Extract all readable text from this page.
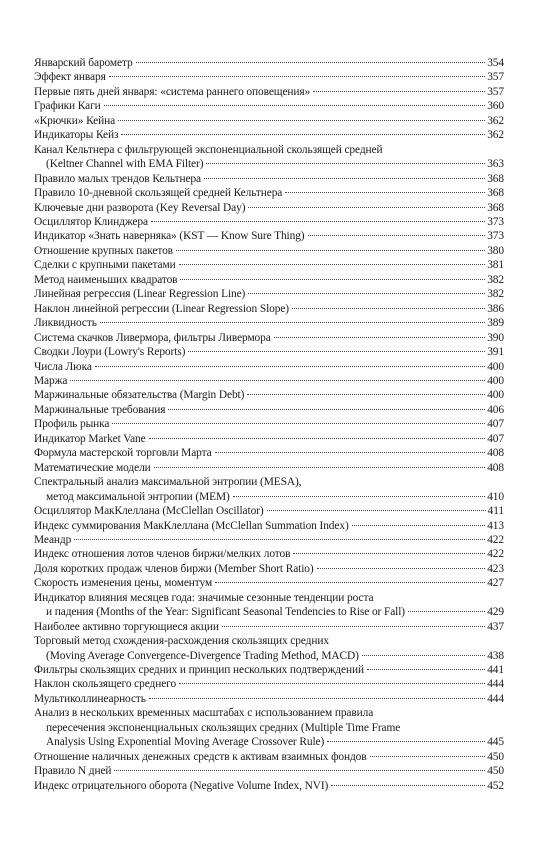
Январский барометр	354
Эффект января	357
Первые пять дней января: «система раннего оповещения»	357
Графики Каги	360
«Крючки» Кейна	362
Индикаторы Кейз	362
Канал Кельтнера с фильтрующей экспоненциальной скользящей средней
(Keltner Channel with EMA Filter)	363
Правило малых трендов Кельтнера	368
Правило 10-дневной скользящей средней Кельтнера	368
Ключевые дни разворота (Key Reversal Day)	368
Осциллятор Клинджера	373
Индикатор «Знать наверняка» (KST — Know Sure Thing)	373
Отношение крупных пакетов	380
Сделки с крупными пакетами	381
Метод наименьших квадратов	382
Линейная регрессия (Linear Regression Line)	382
Наклон линейной регрессии (Linear Regression Slope)	386
Ликвидность	389
Система скачков Ливермора, фильтры Ливермора	390
Сводки Лоури (Lowry's Reports)	391
Числа Люка	400
Маржа	400
Маржинальные обязательства (Margin Debt)	400
Маржинальные требования	406
Профиль рынка	407
Индикатор Market Vane	407
Формула мастерской торговли Марта	408
Математические модели	408
Спектральный анализ максимальной энтропии (MESA),
метод максимальной энтропии (MEM)	410
Осциллятор МакКлеллана (McClellan Oscillator)	411
Индекс суммирования МакКлеллана (McClellan Summation Index)	413
Меандр	422
Индекс отношения лотов членов биржи/мелких лотов	422
Доля коротких продаж членов биржи (Member Short Ratio)	423
Скорость изменения цены, моментум	427
Индикатор влияния месяцев года: значимые сезонные тенденции роста
и падения (Months of the Year: Significant Seasonal Tendencies to Rise or Fall)	429
Наиболее активно торгующиеся акции	437
Торговый метод схождения-расхождения скользящих средних
(Moving Average Convergence-Divergence Trading Method, MACD)	438
Фильтры скользящих средних и принцип нескольких подтверждений	441
Наклон скользящего среднего	444
Мультиколлинеарность	444
Анализ в нескольких временных масштабах с использованием правила
пересечения экспоненциальных скользящих средних (Multiple Time Frame
Analysis Using Exponential Moving Average Crossover Rule)	445
Отношение наличных денежных средств к активам взаимных фондов	450
Правило N дней	450
Индекс отрицательного оборота (Negative Volume Index, NVI)	452
